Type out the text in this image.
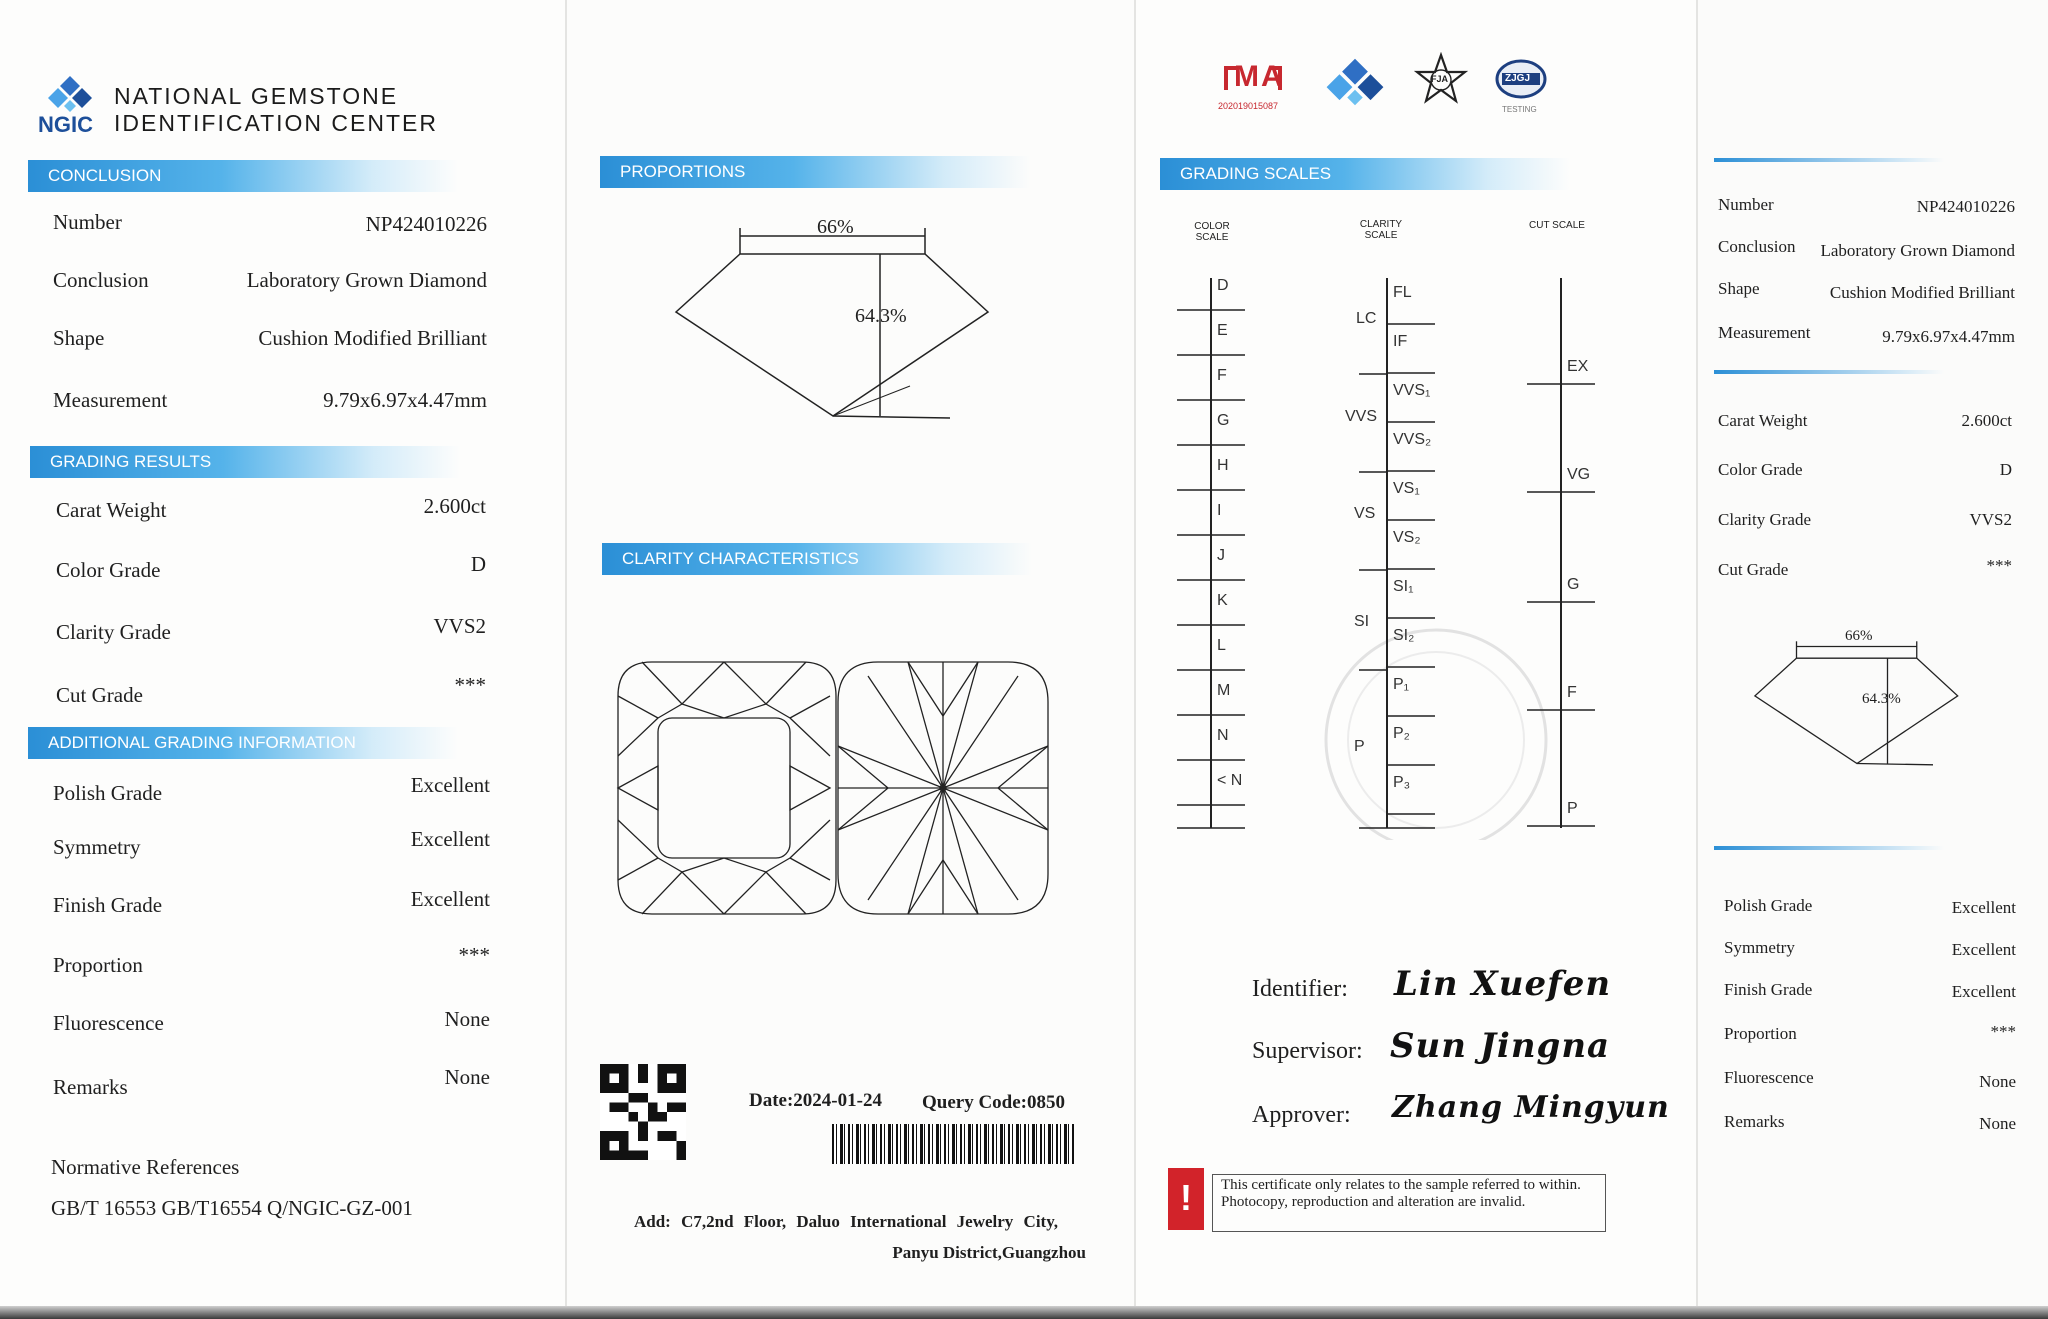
NGIC
NATIONAL GEMSTONE
IDENTIFICATION CENTER
CONCLUSION
Number	NP424010226
Conclusion	Laboratory Grown Diamond
Shape	Cushion Modified Brilliant
Measurement	9.79x6.97x4.47mm
GRADING RESULTS
Carat Weight	2.600ct
Color Grade	D
Clarity Grade	VVS2
Cut Grade	***
ADDITIONAL GRADING INFORMATION
Polish Grade	Excellent
Symmetry	Excellent
Finish Grade	Excellent
Proportion	***
Fluorescence	None
Remarks	None
Normative References
GB/T 16553 GB/T16554 Q/NGIC-GZ-001
PROPORTIONS
66%
64.3%
CLARITY CHARACTERISTICS
Date:2024-01-24 Query Code:0850
Add: C7,2nd Floor, Daluo International Jewelry City,
Panyu District,Guangzhou
MA
202019015087
FJA	ZJGJ
TESTING
GRADING SCALES
COLOR SCALE
CLARITY SCALE
CUT SCALE
D
E
F
G
H
I
J
K
L
M
N
< N
FL
IF
VVS₁
VVS₂
VS₁
VS₂
SI₁
SI₂
P₁
P₂
P₃
LC
VVS
VS
SI
P
EX
VG
G
F
P
Identifier: Lin Xuefen
Supervisor: Sun Jingna
Approver: Zhang Mingyun
!	This certificate only relates to the sample referred to within. Photocopy, reproduction and alteration are invalid.
Number	NP424010226
Conclusion Laboratory Grown Diamond
Shape	Cushion Modified Brilliant
Measurement	9.79x6.97x4.47mm
Carat Weight	2.600ct
Color Grade	D
Clarity Grade	VVS2
Cut Grade	***
66%
64.3%
Polish Grade	Excellent
Symmetry	Excellent
Finish Grade	Excellent
Proportion	***
Fluorescence	None
Remarks	None
